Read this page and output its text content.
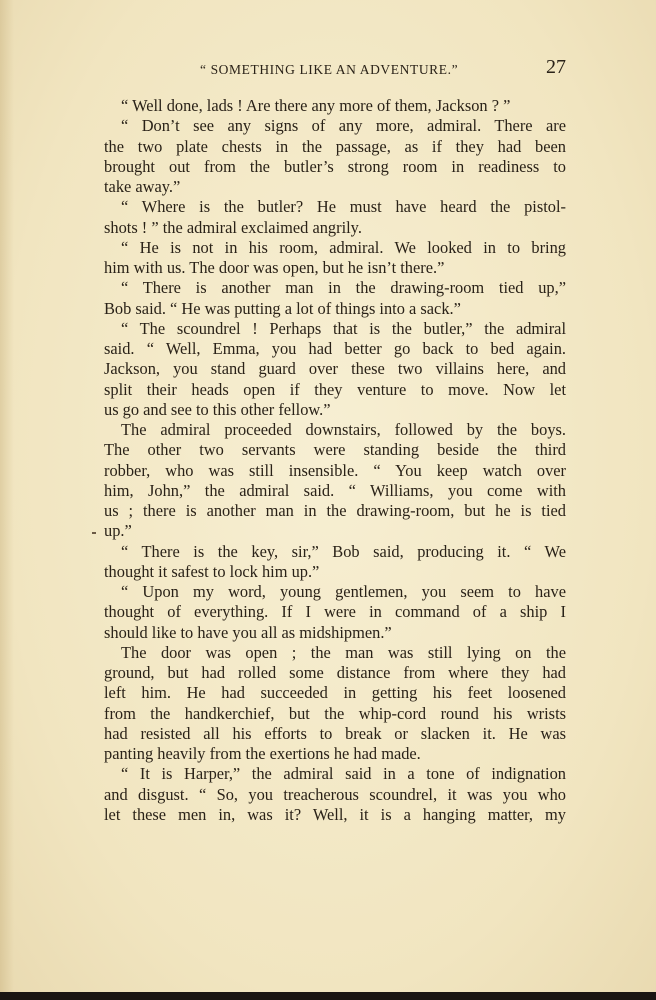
“ SOMETHING LIKE AN ADVENTURE.”	27
“ Well done, lads ! Are there any more of them, Jackson ? ”
“ Don’t see any signs of any more, admiral. There are
the two plate chests in the passage, as if they had been
brought out from the butler’s strong room in readiness to
take away.”
“ Where is the butler? He must have heard the pistol-
shots ! ” the admiral exclaimed angrily.
“ He is not in his room, admiral. We looked in to bring
him with us. The door was open, but he isn’t there.”
“ There is another man in the drawing-room tied up,”
Bob said. “ He was putting a lot of things into a sack.”
“ The scoundrel ! Perhaps that is the butler,” the admiral
said. “ Well, Emma, you had better go back to bed again.
Jackson, you stand guard over these two villains here, and
split their heads open if they venture to move. Now let
us go and see to this other fellow.”
The admiral proceeded downstairs, followed by the boys.
The other two servants were standing beside the third
robber, who was still insensible. “ You keep watch over
him, John,” the admiral said. “ Williams, you come with
us ; there is another man in the drawing-room, but he is tied
up.”
“ There is the key, sir,” Bob said, producing it. “ We
thought it safest to lock him up.”
“ Upon my word, young gentlemen, you seem to have
thought of everything. If I were in command of a ship I
should like to have you all as midshipmen.”
The door was open ; the man was still lying on the
ground, but had rolled some distance from where they had
left him. He had succeeded in getting his feet loosened
from the handkerchief, but the whip-cord round his wrists
had resisted all his efforts to break or slacken it. He was
panting heavily from the exertions he had made.
“ It is Harper,” the admiral said in a tone of indignation
and disgust. “ So, you treacherous scoundrel, it was you who
let these men in, was it? Well, it is a hanging matter, my
